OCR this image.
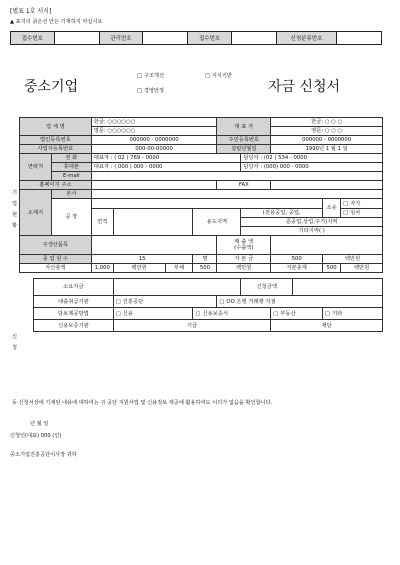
[별표 1호 서식]
▲ 표지의 굵은선 안은 기재하지 마십시요
접수번호		관리번호		접수번호		신청분류번호	
중소기업
□ 구조개선	□ 지식기반
□ 경영안정	자금 신청서
기업현황
신청
업 체 명			한글: ○○○○○○				대 표 자		한글: ○ ○ ○			
			영문: ○○○○○○						영문: ○ ○ ○			
법인등록번호			000000 - 0000000				주민등록번호		000000 - 0000000			
사업자등록번호			000-00-00000				설립년월일		1990년 1 월 1 일			
연락처		전 화	대표자 : ( 02 ) 769 - 0000					담당자 : (02 ) 534 - 0000				
		휴대폰	대표자 : ( 000 ) 000 - 0000					담당자 : (000) 000 - 0000				
		E-mail										
홈페이지 주소							FAX					
소재지		본사										
		공 장									소유	□ 자가
			면적			용도지역		(전용공업, 공업,				□ 임차
								준공업,상업,주거)지역				
								기타지역( )				
주생산품목							매 출 액
(수출액)					
종 업 원 수			15			명	자 본 금		500		백만원	
자산총액			1,000	백만원	부채	500	백만원		자본총계		500	백만원

	소요자금							신청금액				
	대출취급기관			□ 진흥공단			□ OO 은행 거래행 지점
	담보제공방법			□ 신용		□ 신용보증서			□ 부동산		□ 기타
	신용보증기관			기금					재단			
동 신청서상에 기재된 내용에 대하여는 귀 공단 지원사업 및 신용정보 제공에 활용하여도 이의가 없음을 확인합니다.
년 월 일
신청인(대표) 000 (인)
중소기업진흥공단이사장 귀하
